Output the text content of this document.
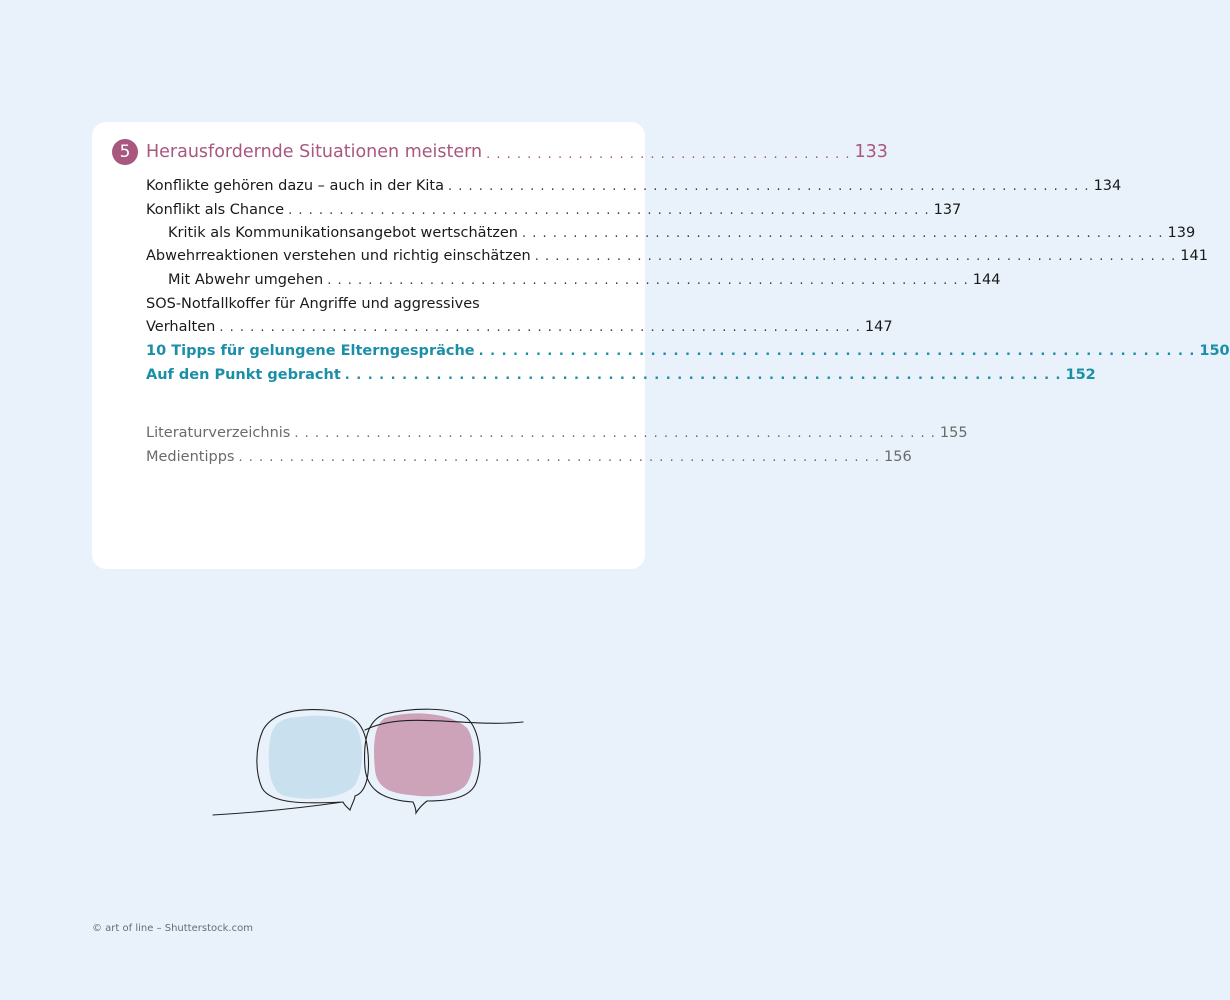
5 Herausfordernde Situationen meistern . . . . . . . . . . . . . . . . . . . . . . . . . . . . . . . . . . . . 133
Konflikte gehören dazu – auch in der Kita . . . . . . . . . . . . . . . . . . . . . . . . . . . . . . . . . . . . . . . . . . . . . . . . . . . . . . . . . . . . . . . 134
Konflikt als Chance . . . . . . . . . . . . . . . . . . . . . . . . . . . . . . . . . . . . . . . . . . . . . . . . . . . . . . . . . . . . . . . 137
Kritik als Kommunikationsangebot wertschätzen . . . . . . . . . . . . . . . . . . . . . . . . . . . . . . . . . . . . . . . . . . . . . . . . . . . . . . . . . . . . . . . 139
Abwehrreaktionen verstehen und richtig einschätzen . . . . . . . . . . . . . . . . . . . . . . . . . . . . . . . . . . . . . . . . . . . . . . . . . . . . . . . . . . . . . . . 141
Mit Abwehr umgehen . . . . . . . . . . . . . . . . . . . . . . . . . . . . . . . . . . . . . . . . . . . . . . . . . . . . . . . . . . . . . . . 144
SOS-Notfallkoffer für Angriffe und aggressives
Verhalten . . . . . . . . . . . . . . . . . . . . . . . . . . . . . . . . . . . . . . . . . . . . . . . . . . . . . . . . . . . . . . . 147
10 Tipps für gelungene Elterngespräche . . . . . . . . . . . . . . . . . . . . . . . . . . . . . . . . . . . . . . . . . . . . . . . . . . . . . . . . . . . . . . . 150
Auf den Punkt gebracht . . . . . . . . . . . . . . . . . . . . . . . . . . . . . . . . . . . . . . . . . . . . . . . . . . . . . . . . . . . . . . . 152
Literaturverzeichnis . . . . . . . . . . . . . . . . . . . . . . . . . . . . . . . . . . . . . . . . . . . . . . . . . . . . . . . . . . . . . . . 155
Medientipps . . . . . . . . . . . . . . . . . . . . . . . . . . . . . . . . . . . . . . . . . . . . . . . . . . . . . . . . . . . . . . . 156
© art of line – Shutterstock.com
